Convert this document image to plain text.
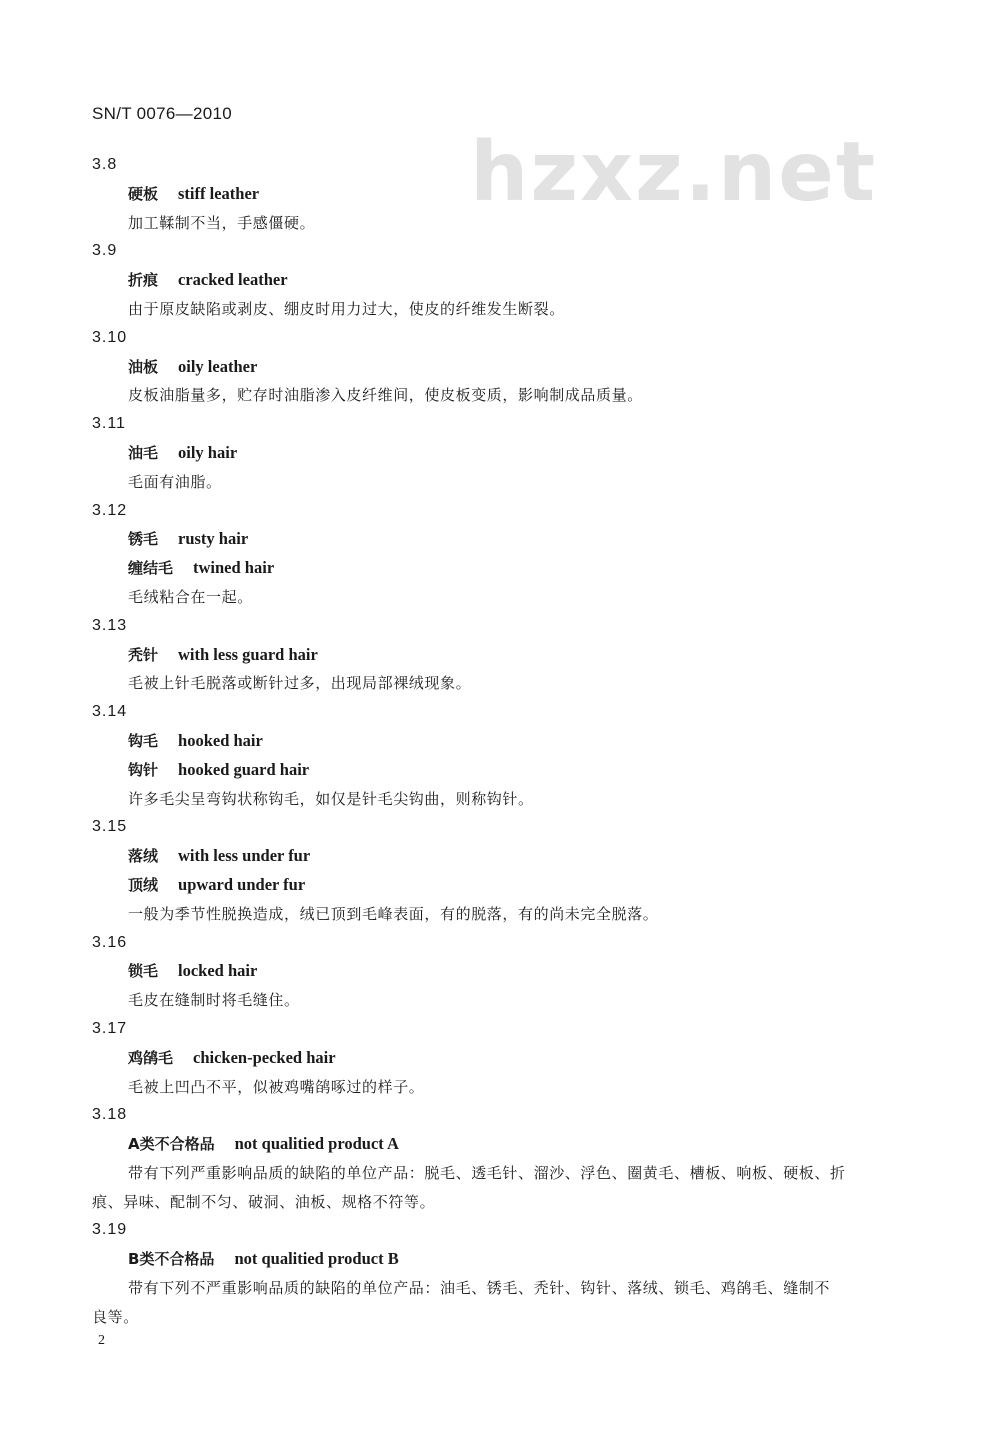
hzxz.net
SN/T 0076—2010
3.8
硬板 stiff leather
加工鞣制不当，手感僵硬。
3.9
折痕 cracked leather
由于原皮缺陷或剥皮、绷皮时用力过大，使皮的纤维发生断裂。
3.10
油板 oily leather
皮板油脂量多，贮存时油脂渗入皮纤维间，使皮板变质，影响制成品质量。
3.11
油毛 oily hair
毛面有油脂。
3.12
锈毛 rusty hair
缠结毛 twined hair
毛绒粘合在一起。
3.13
秃针 with less guard hair
毛被上针毛脱落或断针过多，出现局部裸绒现象。
3.14
钩毛 hooked hair
钩针 hooked guard hair
许多毛尖呈弯钩状称钩毛，如仅是针毛尖钩曲，则称钩针。
3.15
落绒 with less under fur
顶绒 upward under fur
一般为季节性脱换造成，绒已顶到毛峰表面，有的脱落，有的尚未完全脱落。
3.16
锁毛 locked hair
毛皮在缝制时将毛缝住。
3.17
鸡鹐毛 chicken-pecked hair
毛被上凹凸不平，似被鸡嘴鹐啄过的样子。
3.18
A类不合格品 not qualitied product A
带有下列严重影响品质的缺陷的单位产品：脱毛、透毛针、溜沙、浮色、圈黄毛、槽板、响板、硬板、折
痕、异味、配制不匀、破洞、油板、规格不符等。
3.19
B类不合格品 not qualitied product B
带有下列不严重影响品质的缺陷的单位产品：油毛、锈毛、秃针、钩针、落绒、锁毛、鸡鹐毛、缝制不
良等。
2
